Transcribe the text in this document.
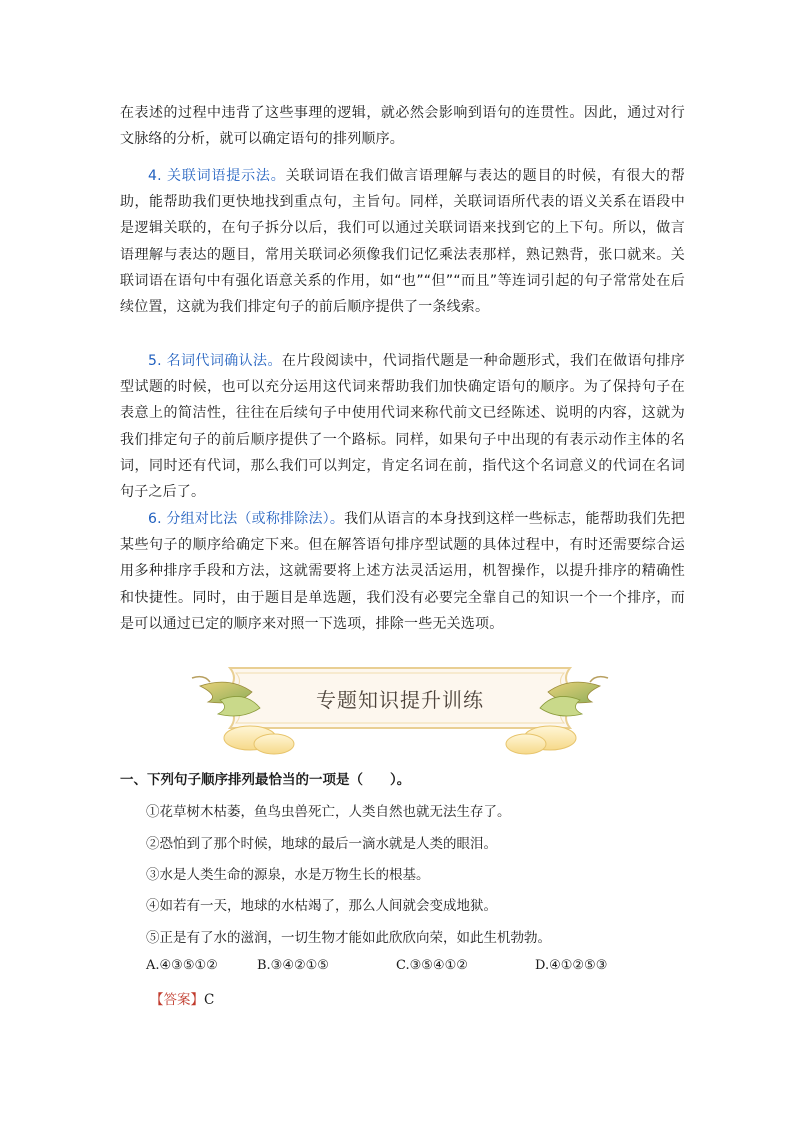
在表述的过程中违背了这些事理的逻辑，就必然会影响到语句的连贯性。因此，通过对行文脉络的分析，就可以确定语句的排列顺序。
4. 关联词语提示法。关联词语在我们做言语理解与表达的题目的时候，有很大的帮助，能帮助我们更快地找到重点句，主旨句。同样，关联词语所代表的语义关系在语段中是逻辑关联的，在句子拆分以后，我们可以通过关联词语来找到它的上下句。所以，做言语理解与表达的题目，常用关联词必须像我们记忆乘法表那样，熟记熟背，张口就来。关联词语在语句中有强化语意关系的作用，如“也”“但”“而且”等连词引起的句子常常处在后续位置，这就为我们排定句子的前后顺序提供了一条线索。
5. 名词代词确认法。在片段阅读中，代词指代题是一种命题形式，我们在做语句排序型试题的时候，也可以充分运用这代词来帮助我们加快确定语句的顺序。为了保持句子在表意上的简洁性，往往在后续句子中使用代词来称代前文已经陈述、说明的内容，这就为我们排定句子的前后顺序提供了一个路标。同样，如果句子中出现的有表示动作主体的名词，同时还有代词，那么我们可以判定，肯定名词在前，指代这个名词意义的代词在名词句子之后了。
6. 分组对比法（或称排除法）。我们从语言的本身找到这样一些标志，能帮助我们先把某些句子的顺序给确定下来。但在解答语句排序型试题的具体过程中，有时还需要综合运用多种排序手段和方法，这就需要将上述方法灵活运用，机智操作，以提升排序的精确性和快捷性。同时，由于题目是单选题，我们没有必要完全靠自己的知识一个一个排序，而是可以通过已定的顺序来对照一下选项，排除一些无关选项。
专题知识提升训练
一、下列句子顺序排列最恰当的一项是（　　）。
①花草树木枯萎，鱼鸟虫兽死亡，人类自然也就无法生存了。
②恐怕到了那个时候，地球的最后一滴水就是人类的眼泪。
③水是人类生命的源泉，水是万物生长的根基。
④如若有一天，地球的水枯竭了，那么人间就会变成地狱。
⑤正是有了水的滋润，一切生物才能如此欣欣向荣，如此生机勃勃。
A.④③⑤①②	B.③④②①⑤	C.③⑤④①②	D.④①②⑤③
【答案】C
